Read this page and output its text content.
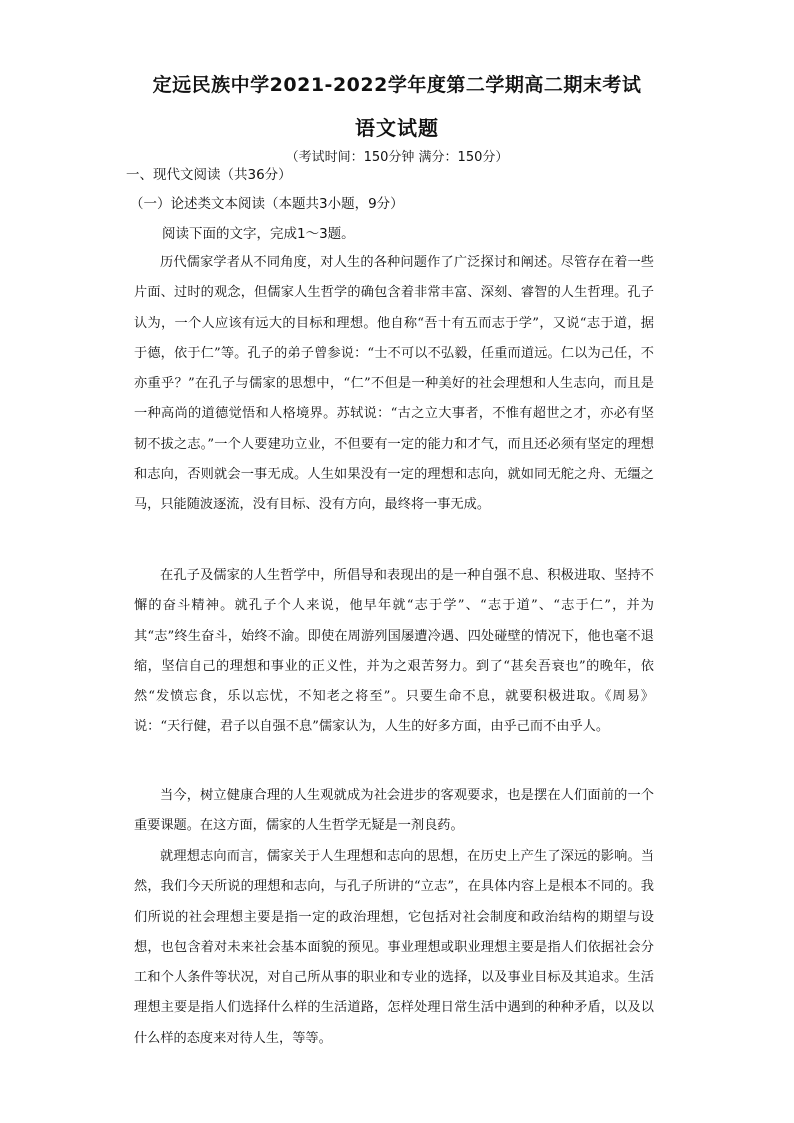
定远民族中学2021-2022学年度第二学期高二期末考试
语文试题
（考试时间：150分钟 满分：150分）
一、现代文阅读（共36分）
（一）论述类文本阅读（本题共3小题，9分）
阅读下面的文字，完成1～3题。

历代儒家学者从不同角度，对人生的各种问题作了广泛探讨和阐述。尽管存在着一些片面、过时的观念，但儒家人生哲学的确包含着非常丰富、深刻、睿智的人生哲理。孔子认为，一个人应该有远大的目标和理想。他自称“吾十有五而志于学”，又说“志于道，据于德，依于仁”等。孔子的弟子曾参说：“士不可以不弘毅，任重而道远。仁以为己任，不亦重乎？”在孔子与儒家的思想中，“仁”不但是一种美好的社会理想和人生志向，而且是一种高尚的道德觉悟和人格境界。苏轼说：“古之立大事者，不惟有超世之才，亦必有坚韧不拔之志。”一个人要建功立业，不但要有一定的能力和才气，而且还必须有坚定的理想和志向，否则就会一事无成。人生如果没有一定的理想和志向，就如同无舵之舟、无缰之马，只能随波逐流，没有目标、没有方向，最终将一事无成。

在孔子及儒家的人生哲学中，所倡导和表现出的是一种自强不息、积极进取、坚持不懈的奋斗精神。就孔子个人来说，他早年就“志于学”、“志于道”、“志于仁”，并为其“志”终生奋斗，始终不渝。即使在周游列国屡遭冷遇、四处碰壁的情况下，他也毫不退缩，坚信自己的理想和事业的正义性，并为之艰苦努力。到了“甚矣吾衰也”的晚年，依然“发愤忘食，乐以忘忧，不知老之将至”。只要生命不息，就要积极进取。《周易》说：“天行健，君子以自强不息”儒家认为，人生的好多方面，由乎己而不由乎人。

当今，树立健康合理的人生观就成为社会进步的客观要求，也是摆在人们面前的一个重要课题。在这方面，儒家的人生哲学无疑是一剂良药。

就理想志向而言，儒家关于人生理想和志向的思想，在历史上产生了深远的影响。当然，我们今天所说的理想和志向，与孔子所讲的“立志”，在具体内容上是根本不同的。我们所说的社会理想主要是指一定的政治理想，它包括对社会制度和政治结构的期望与设想，也包含着对未来社会基本面貌的预见。事业理想或职业理想主要是指人们依据社会分工和个人条件等状况，对自己所从事的职业和专业的选择，以及事业目标及其追求。生活理想主要是指人们选择什么样的生活道路，怎样处理日常生活中遇到的种种矛盾，以及以什么样的态度来对待人生，等等。
